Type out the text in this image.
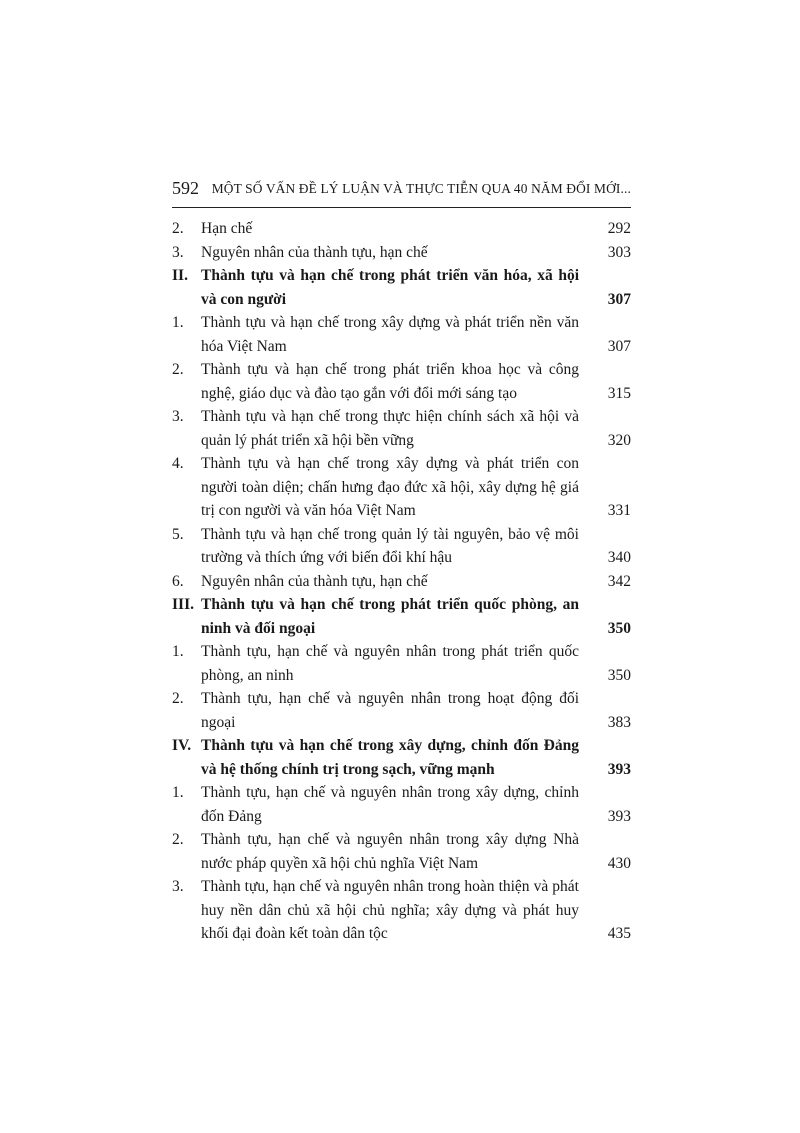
592 MỘT SỐ VẤN ĐỀ LÝ LUẬN VÀ THỰC TIỄN QUA 40 NĂM ĐỔI MỚI...
2. Hạn chế	292
3. Nguyên nhân của thành tựu, hạn chế	303
II. Thành tựu và hạn chế trong phát triển văn hóa, xã hội và con người	307
1. Thành tựu và hạn chế trong xây dựng và phát triển nền văn hóa Việt Nam	307
2. Thành tựu và hạn chế trong phát triển khoa học và công nghệ, giáo dục và đào tạo gắn với đổi mới sáng tạo	315
3. Thành tựu và hạn chế trong thực hiện chính sách xã hội và quản lý phát triển xã hội bền vững	320
4. Thành tựu và hạn chế trong xây dựng và phát triển con người toàn diện; chấn hưng đạo đức xã hội, xây dựng hệ giá trị con người và văn hóa Việt Nam	331
5. Thành tựu và hạn chế trong quản lý tài nguyên, bảo vệ môi trường và thích ứng với biến đổi khí hậu	340
6. Nguyên nhân của thành tựu, hạn chế	342
III. Thành tựu và hạn chế trong phát triển quốc phòng, an ninh và đối ngoại	350
1. Thành tựu, hạn chế và nguyên nhân trong phát triển quốc phòng, an ninh	350
2. Thành tựu, hạn chế và nguyên nhân trong hoạt động đối ngoại	383
IV. Thành tựu và hạn chế trong xây dựng, chỉnh đốn Đảng và hệ thống chính trị trong sạch, vững mạnh	393
1. Thành tựu, hạn chế và nguyên nhân trong xây dựng, chỉnh đốn Đảng	393
2. Thành tựu, hạn chế và nguyên nhân trong xây dựng Nhà nước pháp quyền xã hội chủ nghĩa Việt Nam	430
3. Thành tựu, hạn chế và nguyên nhân trong hoàn thiện và phát huy nền dân chủ xã hội chủ nghĩa; xây dựng và phát huy khối đại đoàn kết toàn dân tộc	435
